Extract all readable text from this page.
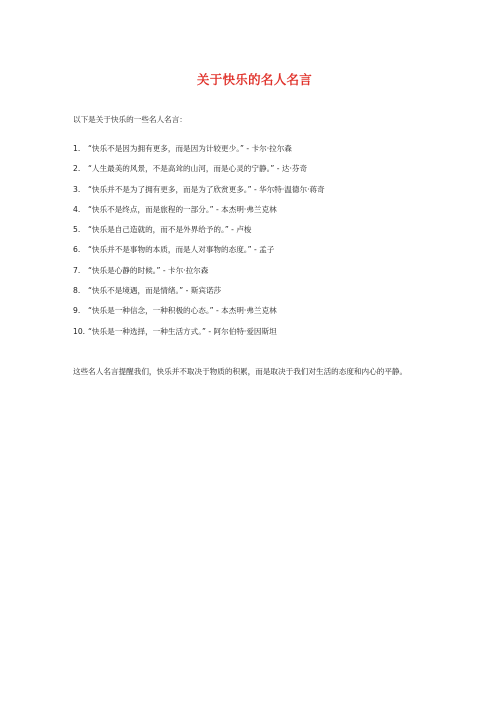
关于快乐的名人名言

以下是关于快乐的一些名人名言：

1.	“快乐不是因为拥有更多，而是因为计较更少。” - 卡尔·拉尔森
2.	“人生最美的风景，不是高耸的山河，而是心灵的宁静。” - 达·芬奇
3.	“快乐并不是为了拥有更多，而是为了欣赏更多。” - 华尔特·温德尔·蒋奇
4.	“快乐不是终点，而是旅程的一部分。” - 本杰明·弗兰克林
5.	“快乐是自己造就的，而不是外界给予的。” - 卢梭
6.	“快乐并不是事物的本质，而是人对事物的态度。” - 孟子
7.	“快乐是心静的时候。” - 卡尔·拉尔森
8.	“快乐不是境遇，而是情绪。” - 斯宾诺莎
9.	“快乐是一种信念，一种积极的心态。” - 本杰明·弗兰克林
10. “快乐是一种选择，一种生活方式。” - 阿尔伯特·爱因斯坦

这些名人名言提醒我们，快乐并不取决于物质的积累，而是取决于我们对生活的态度和内心的平静。
